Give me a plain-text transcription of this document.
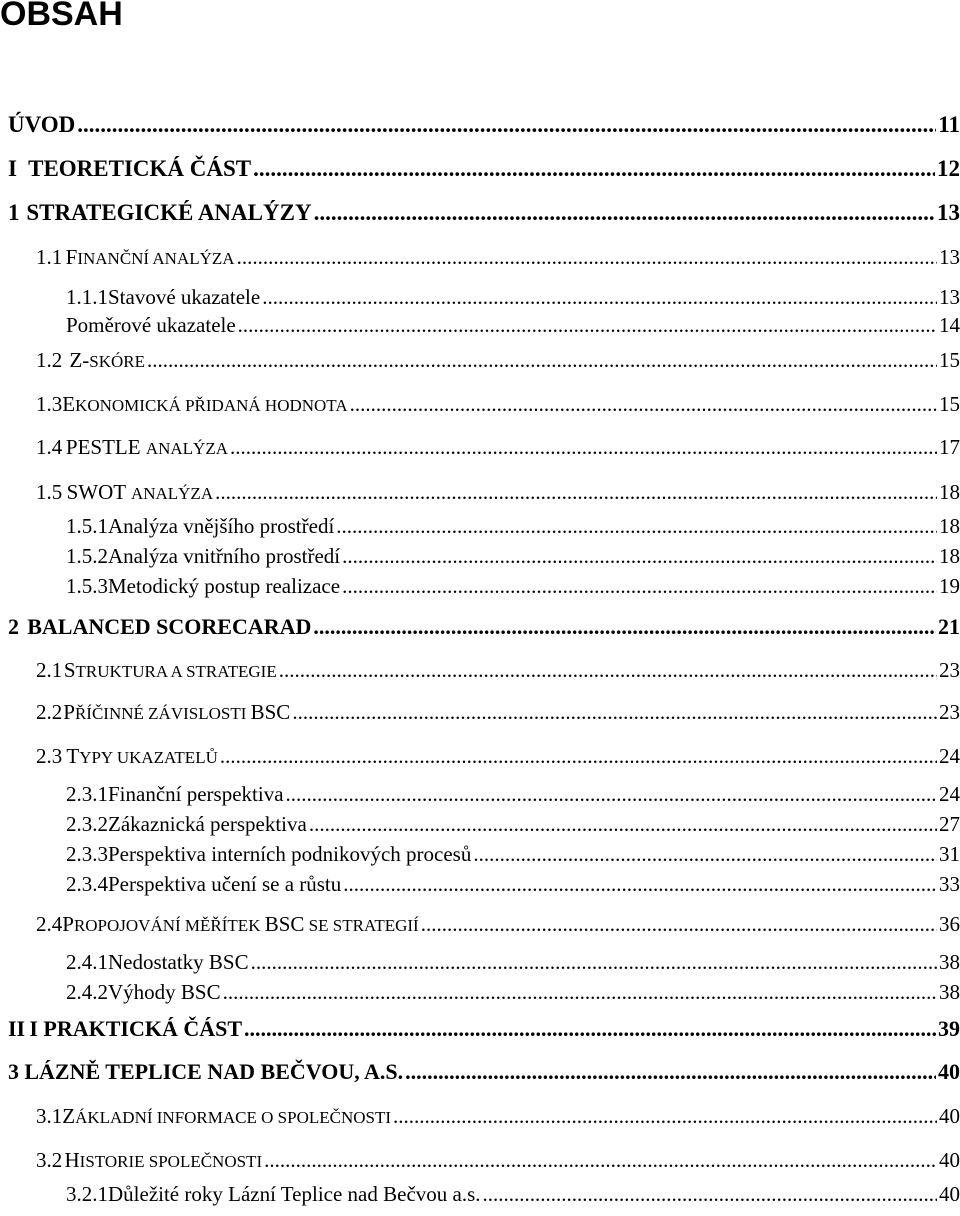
OBSAH
ÚVOD .....	11
I TEORETICKÁ ČÁST .....	12
1 STRATEGICKÉ ANALÝZY .....	13
1.1 FINANČNÍ ANALÝZA .....	13
1.1.1 Stavové ukazatele .....	13
Poměrové ukazatele .....	14
1.2 Z-SKÓRE .....	15
1.3 EKONOMICKÁ PŘIDANÁ HODNOTA .....	15
1.4 PESTLE ANALÝZA .....	17
1.5 SWOT ANALÝZA .....	18
1.5.1 Analýza vnějšího prostředí .....	18
1.5.2 Analýza vnitřního prostředí .....	18
1.5.3 Metodický postup realizace .....	19
2 BALANCED SCORECARAD .....	21
2.1 STRUKTURA A STRATEGIE .....	23
2.2 PŘÍČINNÉ ZÁVISLOSTI BSC .....	23
2.3 TYPY UKAZATELŮ .....	24
2.3.1 Finanční perspektiva .....	24
2.3.2 Zákaznická perspektiva .....	27
2.3.3 Perspektiva interních podnikových procesů .....	31
2.3.4 Perspektiva učení se a růstu .....	33
2.4 PROPOJOVÁNÍ MĚŘÍTEK BSC SE STRATEGIÍ .....	36
2.4.1 Nedostatky BSC .....	38
2.4.2 Výhody BSC .....	38
II I PRAKTICKÁ ČÁST .....	39
3 LÁZNĚ TEPLICE NAD BEČVOU, A.S. .....	40
3.1 ZÁKLADNÍ INFORMACE O SPOLEČNOSTI .....	40
3.2 HISTORIE SPOLEČNOSTI .....	40
3.2.1 Důležité roky Lázní Teplice nad Bečvou a.s. .....	40
